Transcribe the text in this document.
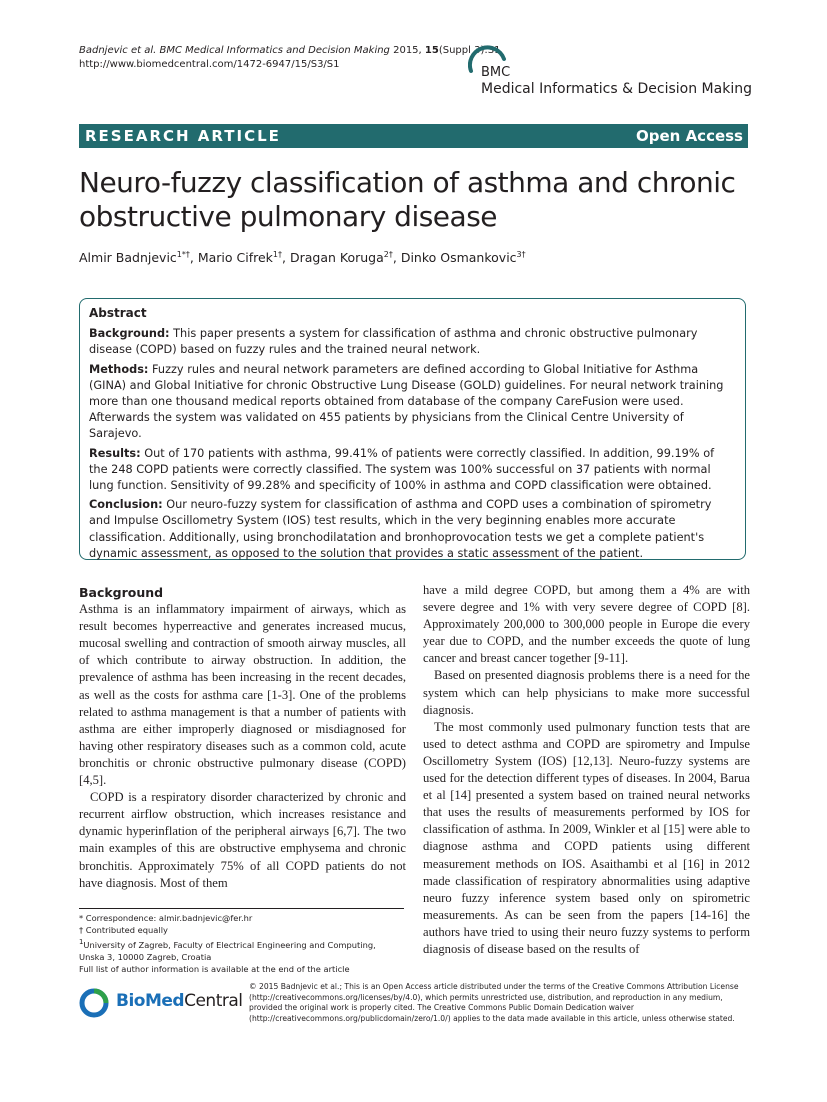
Badnjevic et al. BMC Medical Informatics and Decision Making 2015, 15(Suppl 3):S1
http://www.biomedcentral.com/1472-6947/15/S3/S1
BMC
Medical Informatics & Decision Making
RESEARCH ARTICLE	Open Access
Neuro-fuzzy classification of asthma and chronic
obstructive pulmonary disease
Almir Badnjevic$^{1*\dagger}$, Mario Cifrek$^{1\dagger}$, Dragan Koruga$^{2\dagger}$, Dinko Osmankovic$^{3\dagger}$
Abstract

Background: This paper presents a system for classification of asthma and chronic obstructive pulmonary disease (COPD) based on fuzzy rules and the trained neural network.

Methods: Fuzzy rules and neural network parameters are defined according to Global Initiative for Asthma (GINA) and Global Initiative for chronic Obstructive Lung Disease (GOLD) guidelines. For neural network training more than one thousand medical reports obtained from database of the company CareFusion were used. Afterwards the system was validated on 455 patients by physicians from the Clinical Centre University of Sarajevo.

Results: Out of 170 patients with asthma, 99.41% of patients were correctly classified. In addition, 99.19% of the 248 COPD patients were correctly classified. The system was 100% successful on 37 patients with normal lung function. Sensitivity of 99.28% and specificity of 100% in asthma and COPD classification were obtained.

Conclusion: Our neuro-fuzzy system for classification of asthma and COPD uses a combination of spirometry and Impulse Oscillometry System (IOS) test results, which in the very beginning enables more accurate classification. Additionally, using bronchodilatation and bronhoprovocation tests we get a complete patient's dynamic assessment, as opposed to the solution that provides a static assessment of the patient.

Background

Asthma is an inflammatory impairment of airways, which as result becomes hyperreactive and generates increased mucus, mucosal swelling and contraction of smooth airway muscles, all of which contribute to airway obstruction. In addition, the prevalence of asthma has been increasing in the recent decades, as well as the costs for asthma care [1-3]. One of the problems related to asthma management is that a number of patients with asthma are either improperly diagnosed or misdiagnosed for having other respiratory diseases such as a common cold, acute bronchitis or chronic obstructive pulmonary disease (COPD) [4,5].

COPD is a respiratory disorder characterized by chronic and recurrent airflow obstruction, which increases resistance and dynamic hyperinflation of the peripheral airways [6,7]. The two main examples of this are obstructive emphysema and chronic bronchitis. Approximately 75% of all COPD patients do not have diagnosis. Most of them

have a mild degree COPD, but among them a 4% are with severe degree and 1% with very severe degree of COPD [8]. Approximately 200,000 to 300,000 people in Europe die every year due to COPD, and the number exceeds the quote of lung cancer and breast cancer together [9-11].

Based on presented diagnosis problems there is a need for the system which can help physicians to make more successful diagnosis.

The most commonly used pulmonary function tests that are used to detect asthma and COPD are spirometry and Impulse Oscillometry System (IOS) [12,13]. Neuro-fuzzy systems are used for the detection different types of diseases. In 2004, Barua et al [14] presented a system based on trained neural networks that uses the results of measurements performed by IOS for classification of asthma. In 2009, Winkler et al [15] were able to diagnose asthma and COPD patients using different measurement methods on IOS. Asaithambi et al [16] in 2012 made classification of respiratory abnormalities using adaptive neuro fuzzy inference system based only on spirometric measurements. As can be seen from the papers [14-16] the authors have tried to using their neuro fuzzy systems to perform diagnosis of disease based on the results of

* Correspondence: almir.badnjevic@fer.hr
† Contributed equally
$^1$University of Zagreb, Faculty of Electrical Engineering and Computing,
Unska 3, 10000 Zagreb, Croatia
Full list of author information is available at the end of the article
BioMedCentral
© 2015 Badnjevic et al.; This is an Open Access article distributed under the terms of the Creative Commons Attribution License (http://creativecommons.org/licenses/by/4.0), which permits unrestricted use, distribution, and reproduction in any medium, provided the original work is properly cited. The Creative Commons Public Domain Dedication waiver (http://creativecommons.org/publicdomain/zero/1.0/) applies to the data made available in this article, unless otherwise stated.
